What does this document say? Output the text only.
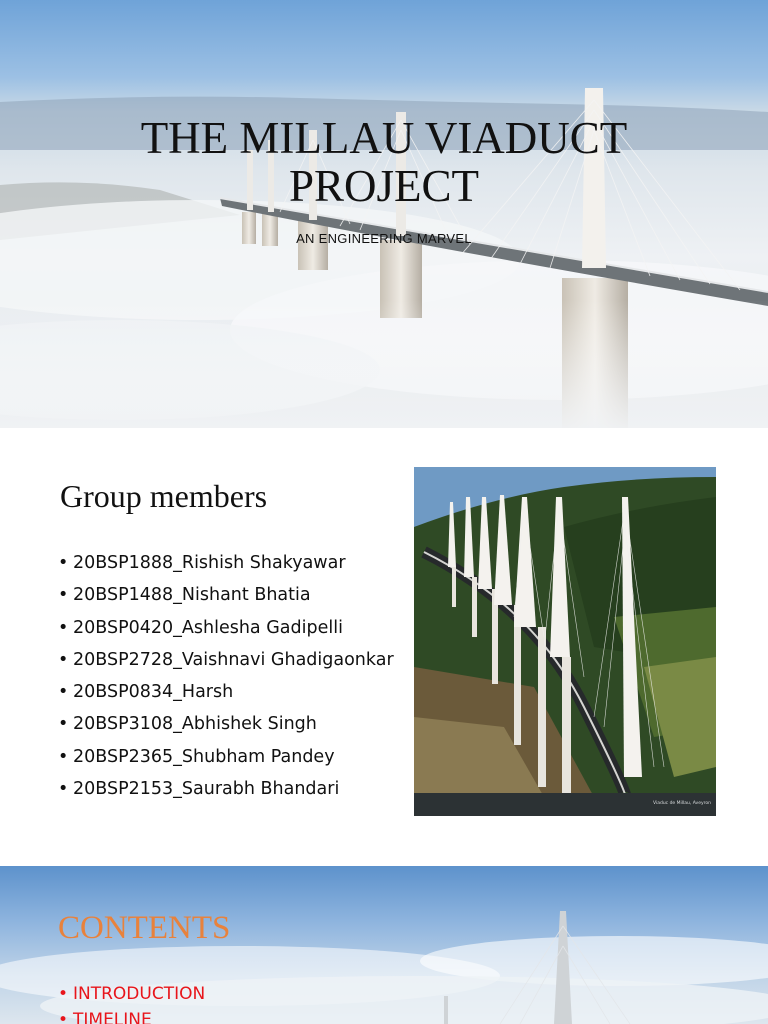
THE MILLAU VIADUCT
PROJECT
AN ENGINEERING MARVEL
Group members
• 20BSP1888_Rishish Shakyawar
• 20BSP1488_Nishant Bhatia
• 20BSP0420_Ashlesha Gadipelli
• 20BSP2728_Vaishnavi Ghadigaonkar
• 20BSP0834_Harsh
• 20BSP3108_Abhishek Singh
• 20BSP2365_Shubham Pandey
• 20BSP2153_Saurabh Bhandari
Viaduc de Millau, Aveyron
CONTENTS
• INTRODUCTION
• TIMELINE
